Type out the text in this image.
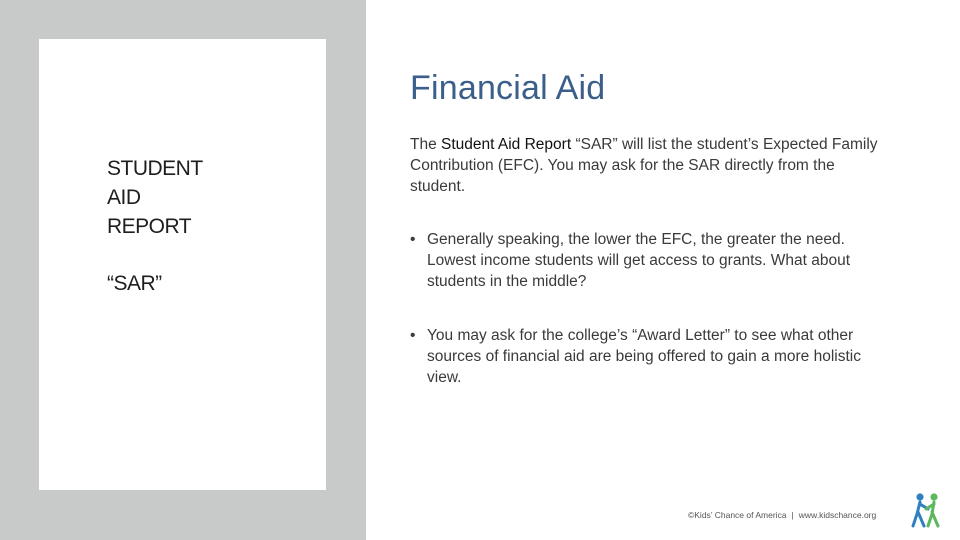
STUDENT
AID
REPORT
“SAR”
Financial Aid

The Student Aid Report “SAR” will list the student’s Expected Family Contribution (EFC). You may ask for the SAR directly from the student.

• Generally speaking, the lower the EFC, the greater the need. Lowest income students will get access to grants. What about students in the middle?
• You may ask for the college’s “Award Letter” to see what other sources of financial aid are being offered to gain a more holistic view.
©Kids’ Chance of America | www.kidschance.org
